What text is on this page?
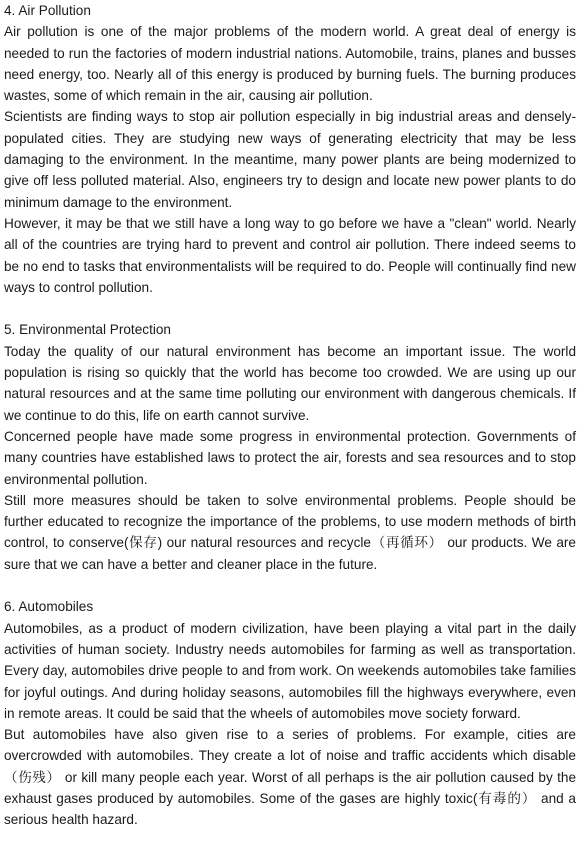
4. Air Pollution

Air pollution is one of the major problems of the modern world. A great deal of energy is needed to run the factories of modern industrial nations. Automobile, trains, planes and busses need energy, too. Nearly all of this energy is produced by burning fuels. The burning produces wastes, some of which remain in the air, causing air pollution.

Scientists are finding ways to stop air pollution especially in big industrial areas and densely-populated cities. They are studying new ways of generating electricity that may be less damaging to the environment. In the meantime, many power plants are being modernized to give off less polluted material. Also, engineers try to design and locate new power plants to do minimum damage to the environment.

However, it may be that we still have a long way to go before we have a "clean" world. Nearly all of the countries are trying hard to prevent and control air pollution. There indeed seems to be no end to tasks that environmentalists will be required to do. People will continually find new ways to control pollution.

5. Environmental Protection

Today the quality of our natural environment has become an important issue. The world population is rising so quickly that the world has become too crowded. We are using up our natural resources and at the same time polluting our environment with dangerous chemicals. If we continue to do this, life on earth cannot survive.

Concerned people have made some progress in environmental protection. Governments of many countries have established laws to protect the air, forests and sea resources and to stop environmental pollution.

Still more measures should be taken to solve environmental problems. People should be further educated to recognize the importance of the problems, to use modern methods of birth control, to conserve(保存) our natural resources and recycle（再循环） our products. We are sure that we can have a better and cleaner place in the future.

6. Automobiles

Automobiles, as a product of modern civilization, have been playing a vital part in the daily activities of human society. Industry needs automobiles for farming as well as transportation. Every day, automobiles drive people to and from work. On weekends automobiles take families for joyful outings. And during holiday seasons, automobiles fill the highways everywhere, even in remote areas. It could be said that the wheels of automobiles move society forward.

But automobiles have also given rise to a series of problems. For example, cities are overcrowded with automobiles. They create a lot of noise and traffic accidents which disable （伤残） or kill many people each year. Worst of all perhaps is the air pollution caused by the exhaust gases produced by automobiles. Some of the gases are highly toxic(有毒的） and a serious health hazard.
